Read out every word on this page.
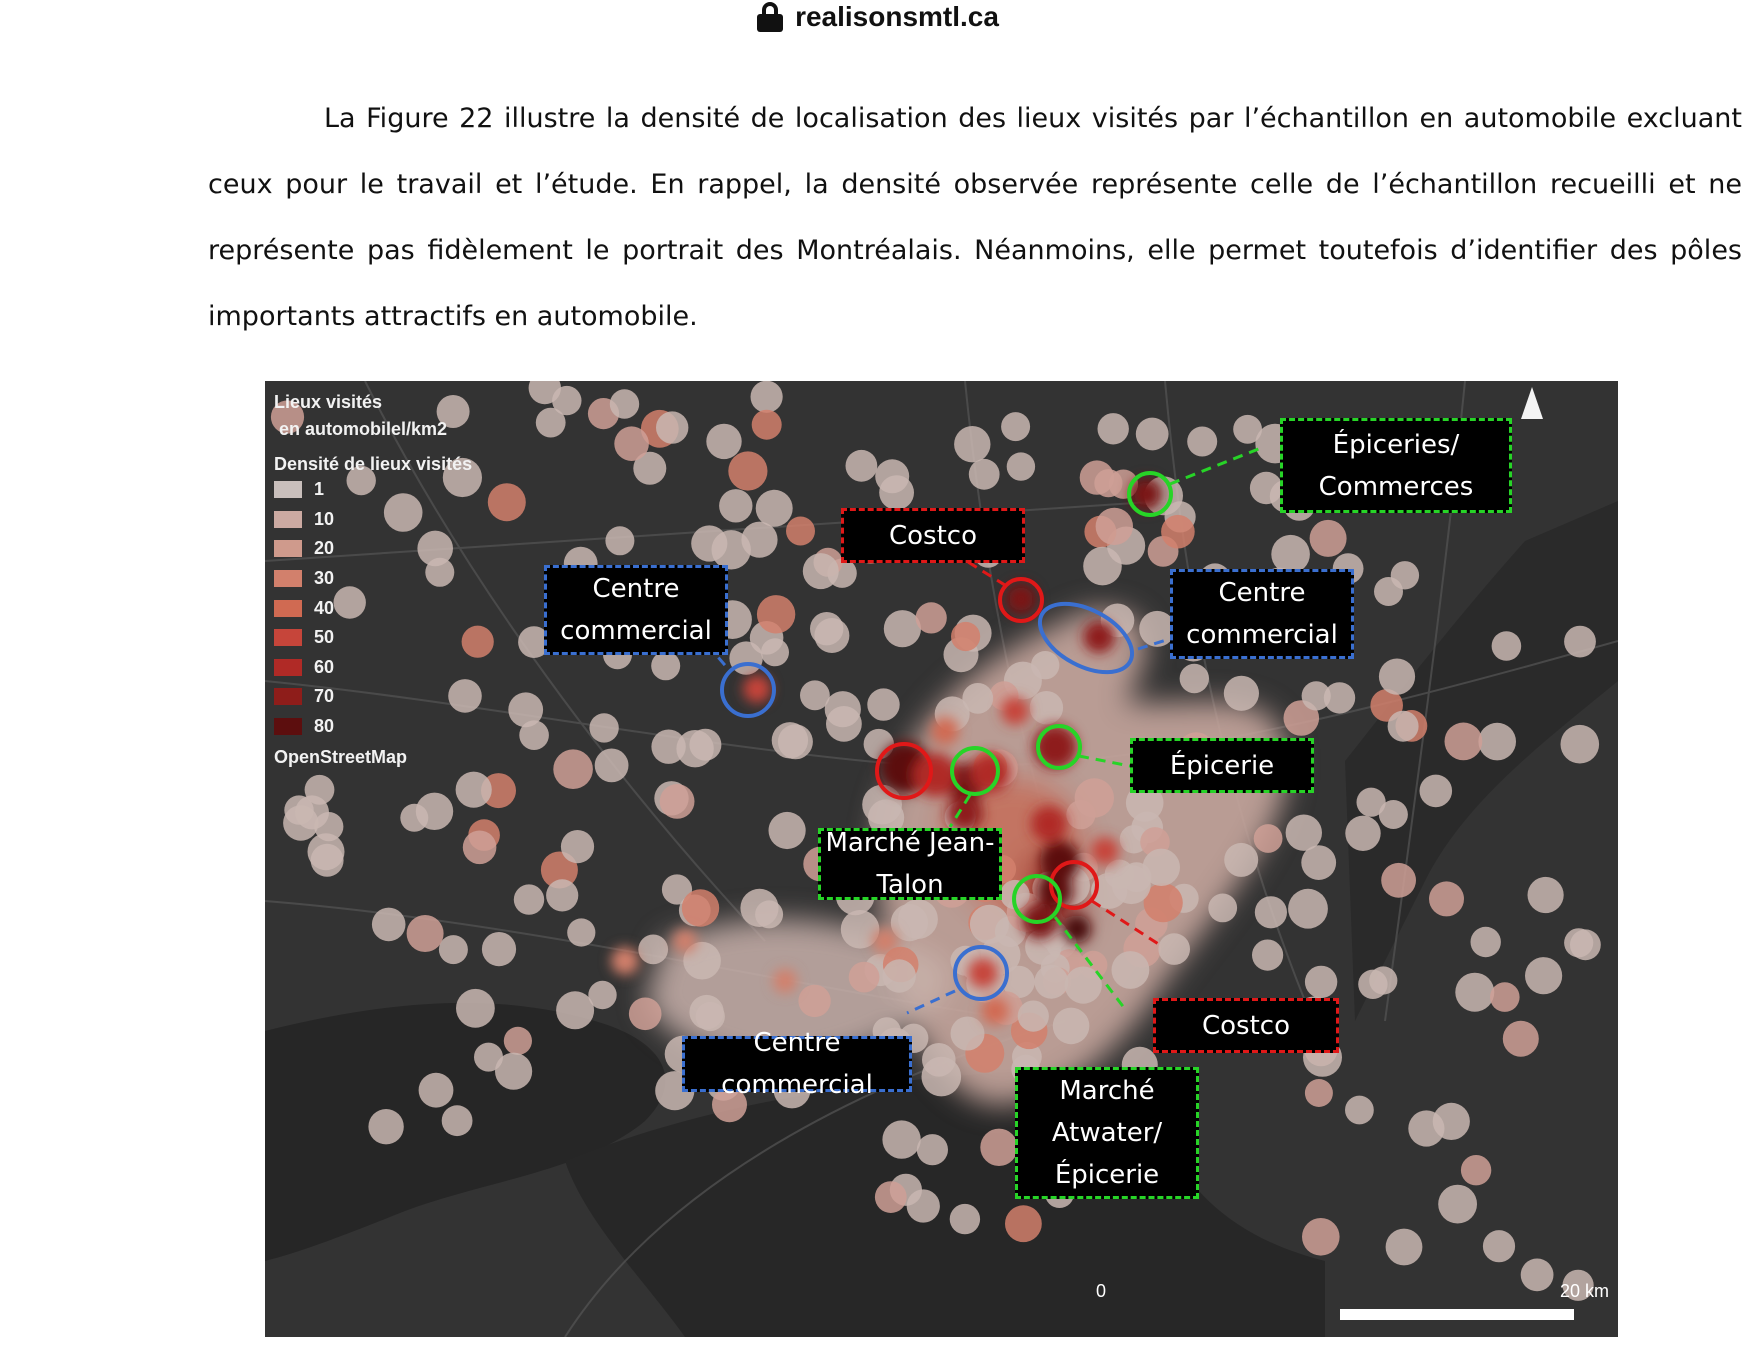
realisonsmtl.ca

La Figure 22 illustre la densité de localisation des lieux visités par l’échantillon en automobile excluant ceux pour le travail et l’étude. En rappel, la densité observée représente celle de l’échantillon recueilli et ne représente pas fidèlement le portrait des Montréalais. Néanmoins, elle permet toutefois d’identifier des pôles importants attractifs en automobile.

Lieux visités
en automobilel/km2
Densité de lieux visités
1
10
20
30
40
50
60
70
80
OpenStreetMap
Épiceries/
Commerces
Costco
Centre
commercial
Centre
commercial
Épicerie
Marché Jean-
Talon
Costco
Centre commercial	Marché
Atwater/
Épicerie
0	20 km
